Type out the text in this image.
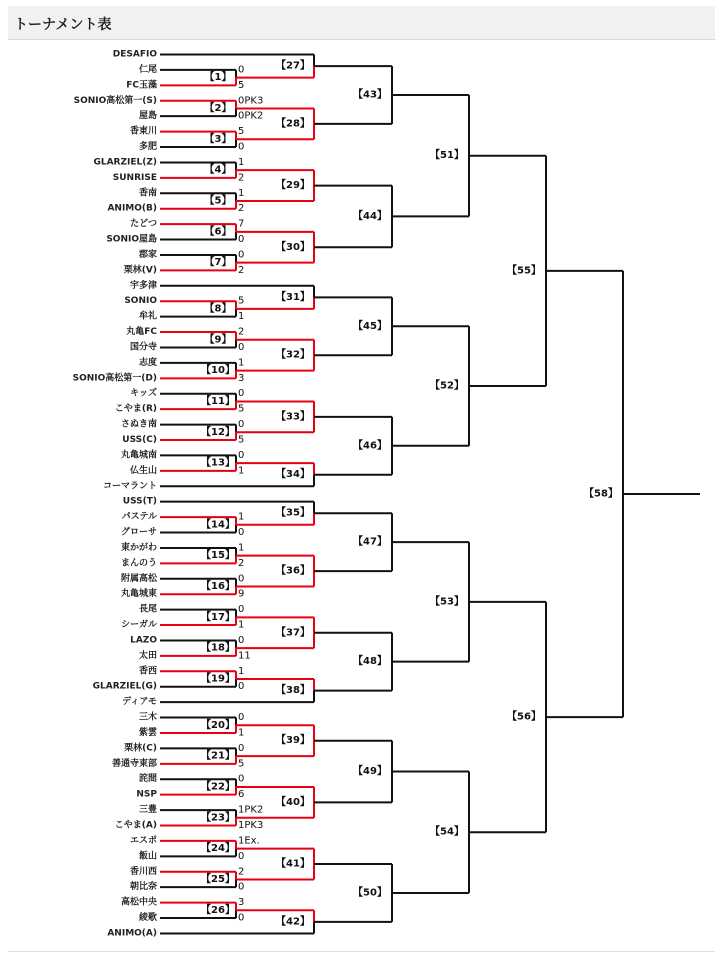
トーナメント表
DESAFIO
仁尾
FC玉藻
SONIO高松第一(S)
屋島
香東川
多肥
GLARZIEL(Z)
SUNRISE
香南
ANIMO(B)
たどつ
SONIO屋島
郡家
栗林(V)
宇多津
SONIO
牟礼
丸亀FC
国分寺
志度
SONIO高松第一(D)
キッズ
こやま(R)
さぬき南
USS(C)
丸亀城南
仏生山
コーマラント
USS(T)
パステル
グローサ
東かがわ
まんのう
附属高松
丸亀城東
長尾
シーガル
LAZO
太田
香西
GLARZIEL(G)
ディアモ
三木
紫雲
栗林(C)
善通寺東部
詫間
NSP
三豊
こやま(A)
エスポ
飯山
香川西
朝比奈
高松中央
綾歌
ANIMO(A)
0
5
【1】
0PK3
0PK2
【2】
5
0
【3】
1
2
【4】
1
2
【5】
7
0
【6】
0
2
【7】
5
1
【8】
2
0
【9】
1
3
【10】
0
5
【11】
0
5
【12】
0
1
【13】
1
0
【14】
1
2
【15】
0
9
【16】
0
1
【17】
0
11
【18】
1
0
【19】
0
1
【20】
0
5
【21】
0
6
【22】
1PK2
1PK3
【23】
1Ex.
0
【24】
2
0
【25】
3
0
【26】
【27】
【28】
【29】
【30】
【31】
【32】
【33】
【34】
【35】
【36】
【37】
【38】
【39】
【40】
【41】
【42】
【43】
【44】
【45】
【46】
【47】
【48】
【49】
【50】
【51】
【52】
【53】
【54】
【55】
【56】
【58】
